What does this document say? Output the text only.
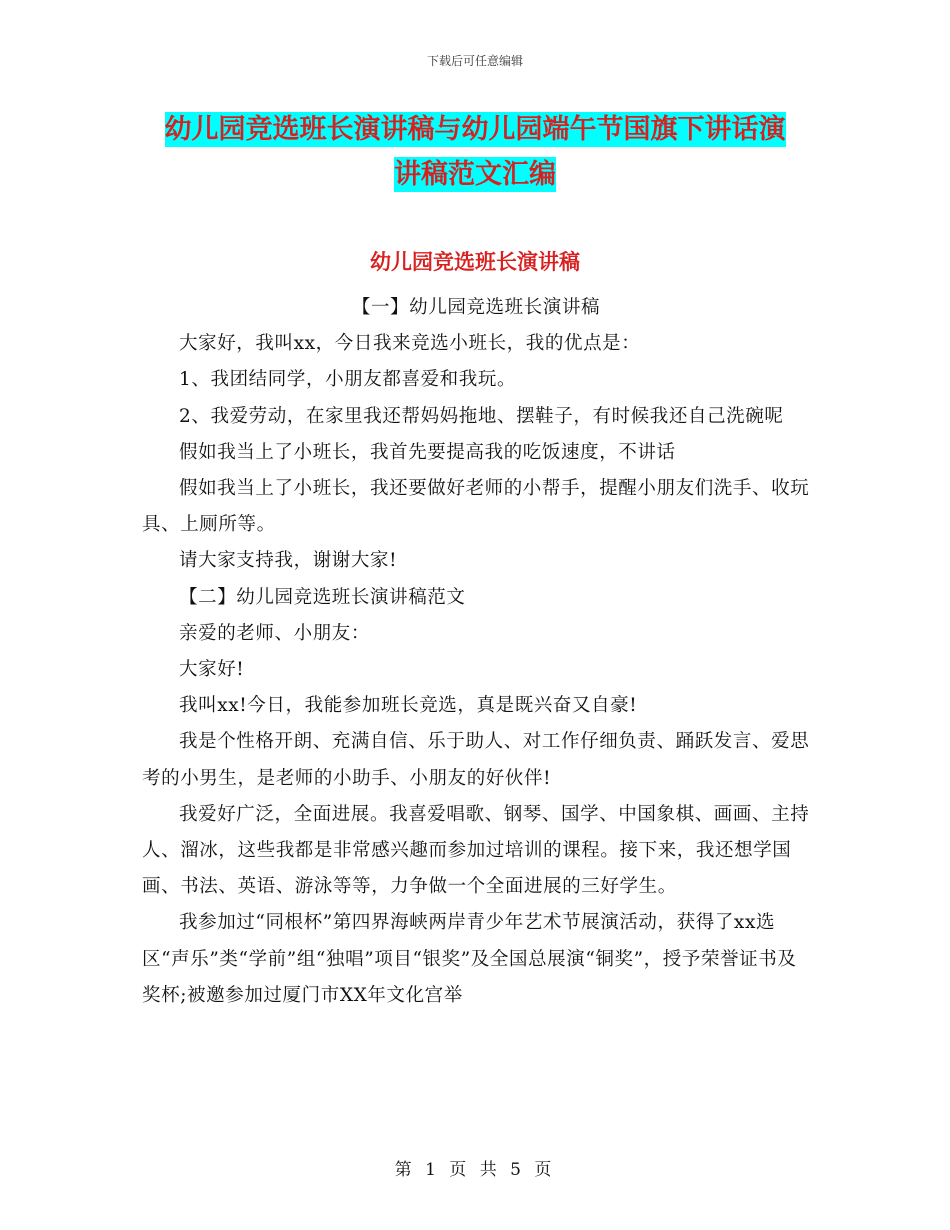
下载后可任意编辑
幼儿园竞选班长演讲稿与幼儿园端午节国旗下讲话演
讲稿范文汇编
幼儿园竞选班长演讲稿

【一】幼儿园竞选班长演讲稿

大家好，我叫xx，今日我来竞选小班长，我的优点是：

1、我团结同学，小朋友都喜爱和我玩。

2、我爱劳动，在家里我还帮妈妈拖地、摆鞋子，有时候我还自己洗碗呢

假如我当上了小班长，我首先要提高我的吃饭速度，不讲话

假如我当上了小班长，我还要做好老师的小帮手，提醒小朋友们洗手、收玩具、上厕所等。

请大家支持我，谢谢大家!

【二】幼儿园竞选班长演讲稿范文

亲爱的老师、小朋友：

大家好!

我叫xx!今日，我能参加班长竞选，真是既兴奋又自豪!

我是个性格开朗、充满自信、乐于助人、对工作仔细负责、踊跃发言、爱思考的小男生，是老师的小助手、小朋友的好伙伴!

我爱好广泛，全面进展。我喜爱唱歌、钢琴、国学、中国象棋、画画、主持人、溜冰，这些我都是非常感兴趣而参加过培训的课程。接下来，我还想学国画、书法、英语、游泳等等，力争做一个全面进展的三好学生。

我参加过“同根杯”第四界海峡两岸青少年艺术节展演活动，获得了xx选区“声乐”类“学前”组“独唱”项目“银奖”及全国总展演“铜奖”，授予荣誉证书及奖杯;被邀参加过厦门市XX年文化宫举

第 1 页 共 5 页
